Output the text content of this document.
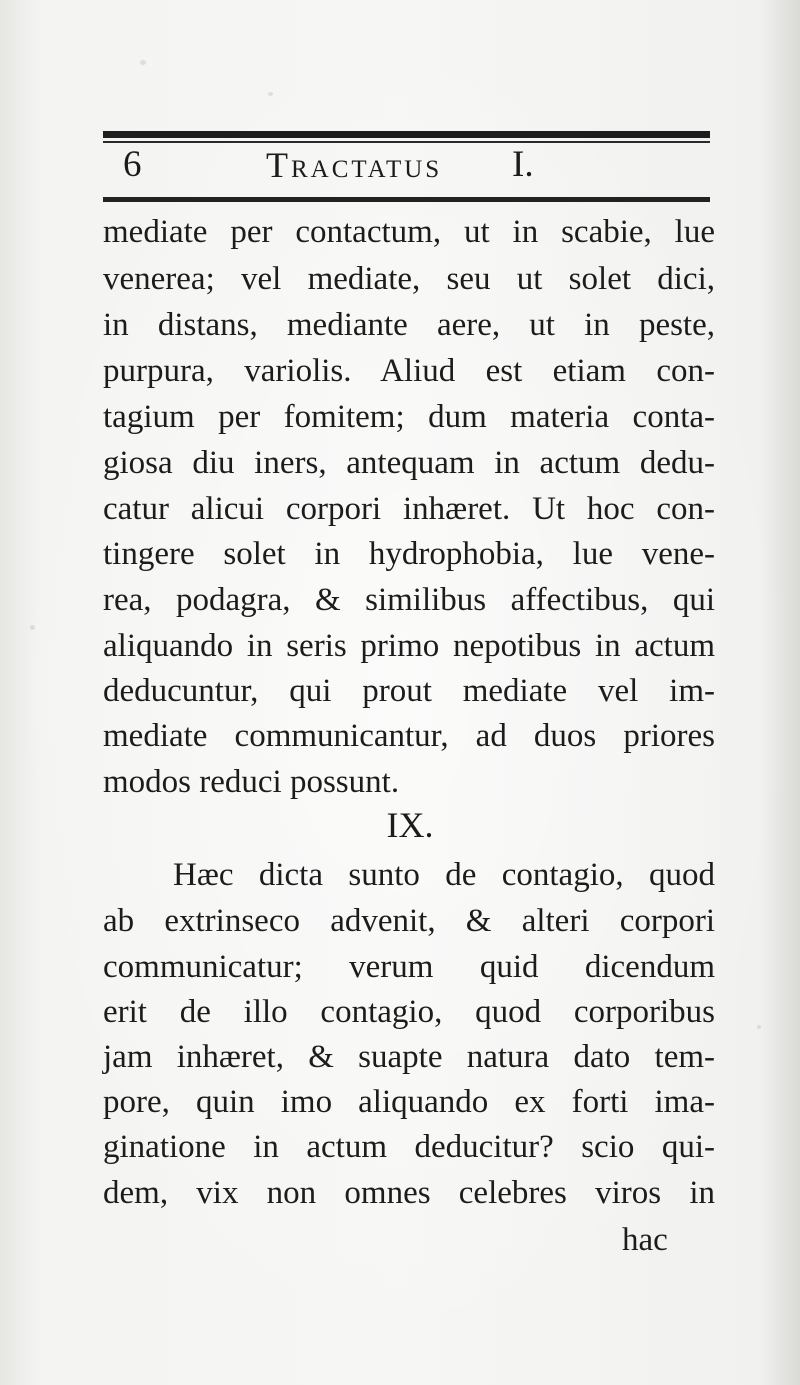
6	Tractatus I.
mediate per contactum, ut in scabie, lue
venerea; vel mediate, seu ut solet dici,
in distans, mediante aere, ut in peste,
purpura, variolis. Aliud est etiam con-
tagium per fomitem; dum materia conta-
giosa diu iners, antequam in actum dedu-
catur alicui corpori inhæret. Ut hoc con-
tingere solet in hydrophobia, lue vene-
rea, podagra, & similibus affectibus, qui
aliquando in seris primo nepotibus in actum
deducuntur, qui prout mediate vel im-
mediate communicantur, ad duos priores
modos reduci possunt.
IX.
Hæc dicta sunto de contagio, quod
ab extrinseco advenit, & alteri corpori
communicatur; verum quid dicendum
erit de illo contagio, quod corporibus
jam inhæret, & suapte natura dato tem-
pore, quin imo aliquando ex forti ima-
ginatione in actum deducitur? scio qui-
dem, vix non omnes celebres viros in
hac
